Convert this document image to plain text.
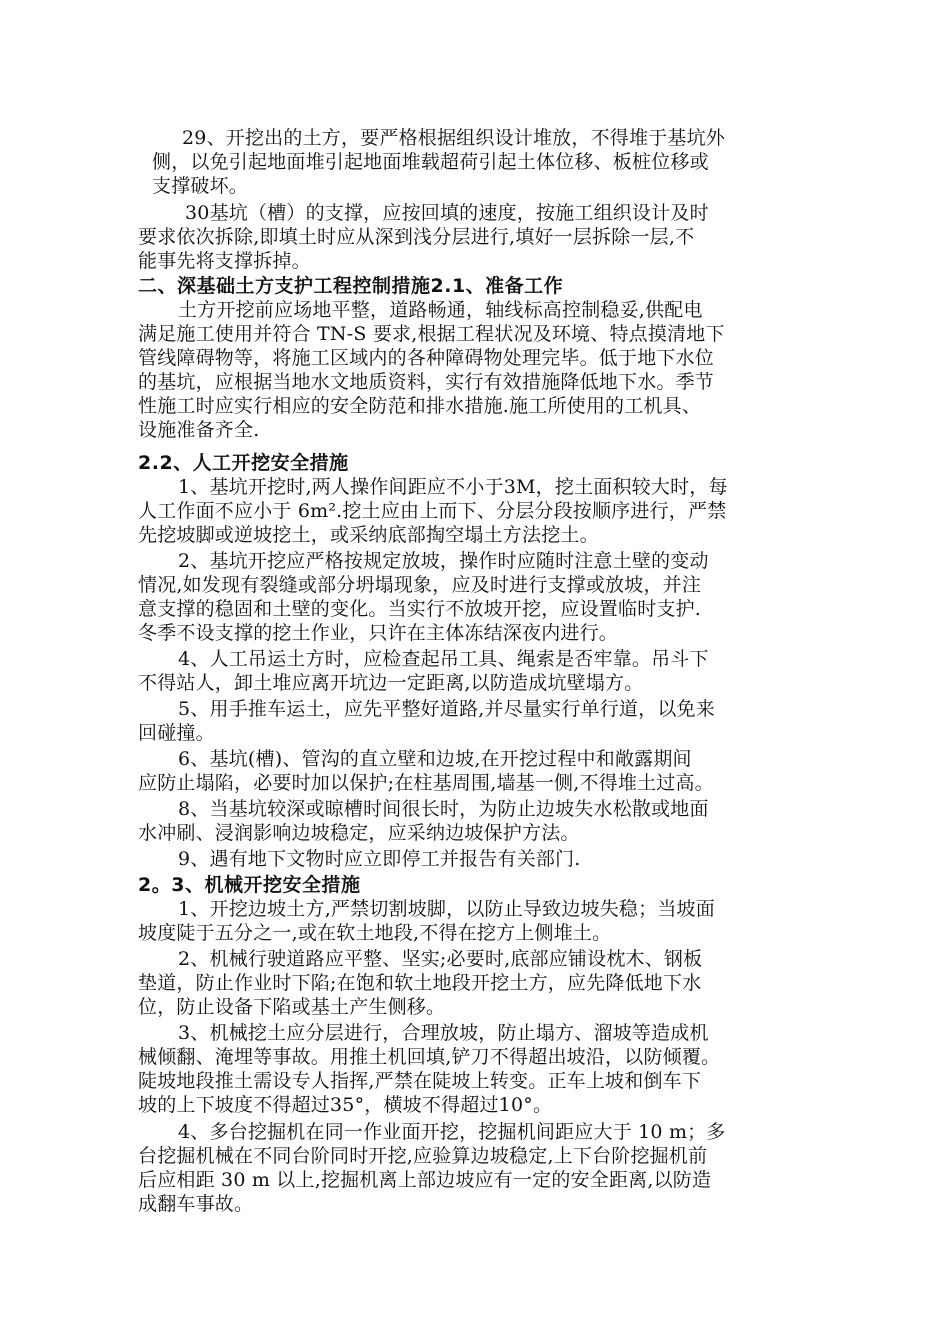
29、开挖出的土方，要严格根据组织设计堆放，不得堆于基坑外
侧，以免引起地面堆引起地面堆载超荷引起土体位移、板桩位移或
支撑破坏。
30基坑（槽）的支撑，应按回填的速度，按施工组织设计及时
要求依次拆除,即填土时应从深到浅分层进行,填好一层拆除一层,不
能事先将支撑拆掉。
二、深基础土方支护工程控制措施2.1、准备工作
土方开挖前应场地平整，道路畅通，轴线标高控制稳妥,供配电
满足施工使用并符合 TN-S 要求,根据工程状况及环境、特点摸清地下
管线障碍物等，将施工区域内的各种障碍物处理完毕。低于地下水位
的基坑，应根据当地水文地质资料，实行有效措施降低地下水。季节
性施工时应实行相应的安全防范和排水措施.施工所使用的工机具、
设施准备齐全.
2.2、人工开挖安全措施
1、基坑开挖时,两人操作间距应不小于3M，挖土面积较大时，每
人工作面不应小于 6m².挖土应由上而下、分层分段按顺序进行，严禁
先挖坡脚或逆坡挖土，或采纳底部掏空塌土方法挖土。
2、基坑开挖应严格按规定放坡，操作时应随时注意土壁的变动
情况,如发现有裂缝或部分坍塌现象，应及时进行支撑或放坡，并注
意支撑的稳固和土壁的变化。当实行不放坡开挖，应设置临时支护.
冬季不设支撑的挖土作业，只许在主体冻结深夜内进行。
4、人工吊运土方时，应检查起吊工具、绳索是否牢靠。吊斗下
不得站人，卸土堆应离开坑边一定距离,以防造成坑壁塌方。
5、用手推车运土，应先平整好道路,并尽量实行单行道，以免来
回碰撞。
6、基坑(槽)、管沟的直立壁和边坡,在开挖过程中和敞露期间
应防止塌陷，必要时加以保护;在柱基周围,墙基一侧,不得堆土过高。
8、当基坑较深或晾槽时间很长时，为防止边坡失水松散或地面
水冲刷、浸润影响边坡稳定，应采纳边坡保护方法。
9、遇有地下文物时应立即停工并报告有关部门.
2。3、机械开挖安全措施
1、开挖边坡土方,严禁切割坡脚，以防止导致边坡失稳；当坡面
坡度陡于五分之一,或在软土地段,不得在挖方上侧堆土。
2、机械行驶道路应平整、坚实;必要时,底部应铺设枕木、钢板
垫道，防止作业时下陷;在饱和软土地段开挖土方，应先降低地下水
位，防止设备下陷或基土产生侧移。
3、机械挖土应分层进行，合理放坡，防止塌方、溜坡等造成机
械倾翻、淹埋等事故。用推土机回填,铲刀不得超出坡沿，以防倾覆。
陡坡地段推土需设专人指挥,严禁在陡坡上转变。正车上坡和倒车下
坡的上下坡度不得超过35°，横坡不得超过10°。
4、多台挖掘机在同一作业面开挖，挖掘机间距应大于 10 m；多
台挖掘机械在不同台阶同时开挖,应验算边坡稳定,上下台阶挖掘机前
后应相距 30 m 以上,挖掘机离上部边坡应有一定的安全距离,以防造
成翻车事故。
